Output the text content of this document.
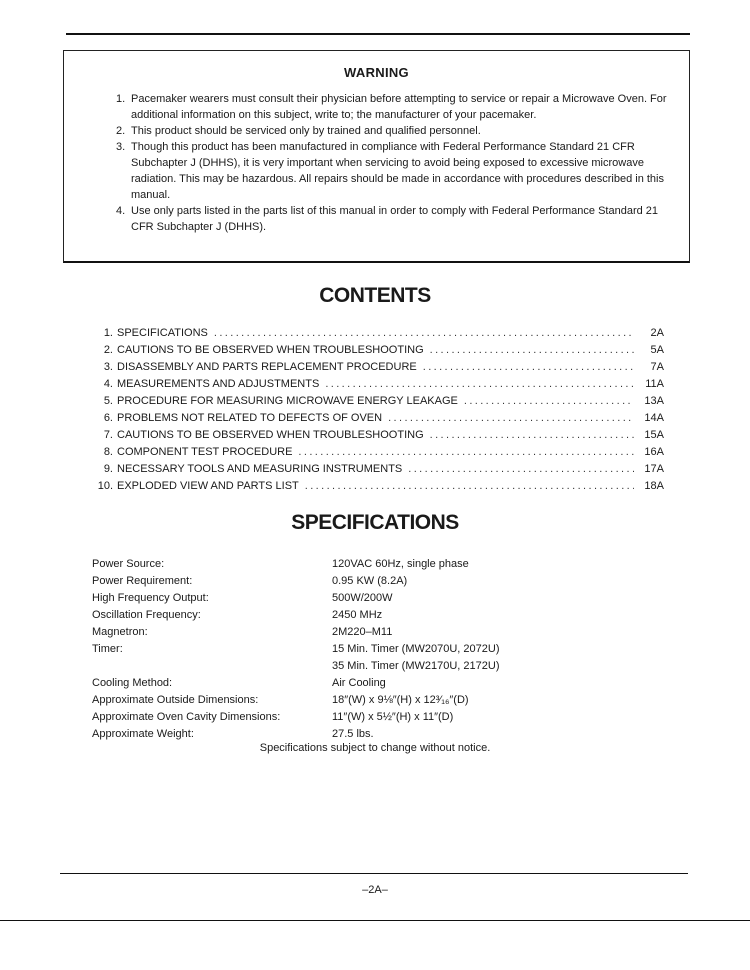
WARNING
1. Pacemaker wearers must consult their physician before attempting to service or repair a Microwave Oven. For additional information on this subject, write to; the manufacturer of your pacemaker.
2. This product should be serviced only by trained and qualified personnel.
3. Though this product has been manufactured in compliance with Federal Performance Standard 21 CFR Subchapter J (DHHS), it is very important when servicing to avoid being exposed to excessive microwave radiation. This may be hazardous. All repairs should be made in accordance with procedures described in this manual.
4. Use only parts listed in the parts list of this manual in order to comply with Federal Performance Standard 21 CFR Subchapter J (DHHS).
CONTENTS
1. SPECIFICATIONS .....	2A
2. CAUTIONS TO BE OBSERVED WHEN TROUBLESHOOTING .....	5A
3. DISASSEMBLY AND PARTS REPLACEMENT PROCEDURE .....	7A
4. MEASUREMENTS AND ADJUSTMENTS .....	11A
5. PROCEDURE FOR MEASURING MICROWAVE ENERGY LEAKAGE .....	13A
6. PROBLEMS NOT RELATED TO DEFECTS OF OVEN .....	14A
7. CAUTIONS TO BE OBSERVED WHEN TROUBLESHOOTING .....	15A
8. COMPONENT TEST PROCEDURE .....	16A
9. NECESSARY TOOLS AND MEASURING INSTRUMENTS .....	17A
10. EXPLODED VIEW AND PARTS LIST .....	18A
SPECIFICATIONS
Power Source:	120VAC 60Hz, single phase
Power Requirement:	0.95 KW (8.2A)
High Frequency Output:	500W/200W
Oscillation Frequency:	2450 MHz
Magnetron:	2M220–M11
Timer:	15 Min. Timer (MW2070U, 2072U)
35 Min. Timer (MW2170U, 2172U)
Cooling Method:	Air Cooling
Approximate Outside Dimensions:	18″(W) x 9⅛″(H) x 12³⁄₁₆″(D)
Approximate Oven Cavity Dimensions:	11″(W) x 5½″(H) x 11″(D)
Approximate Weight:	27.5 lbs.
Specifications subject to change without notice.
–2A–
